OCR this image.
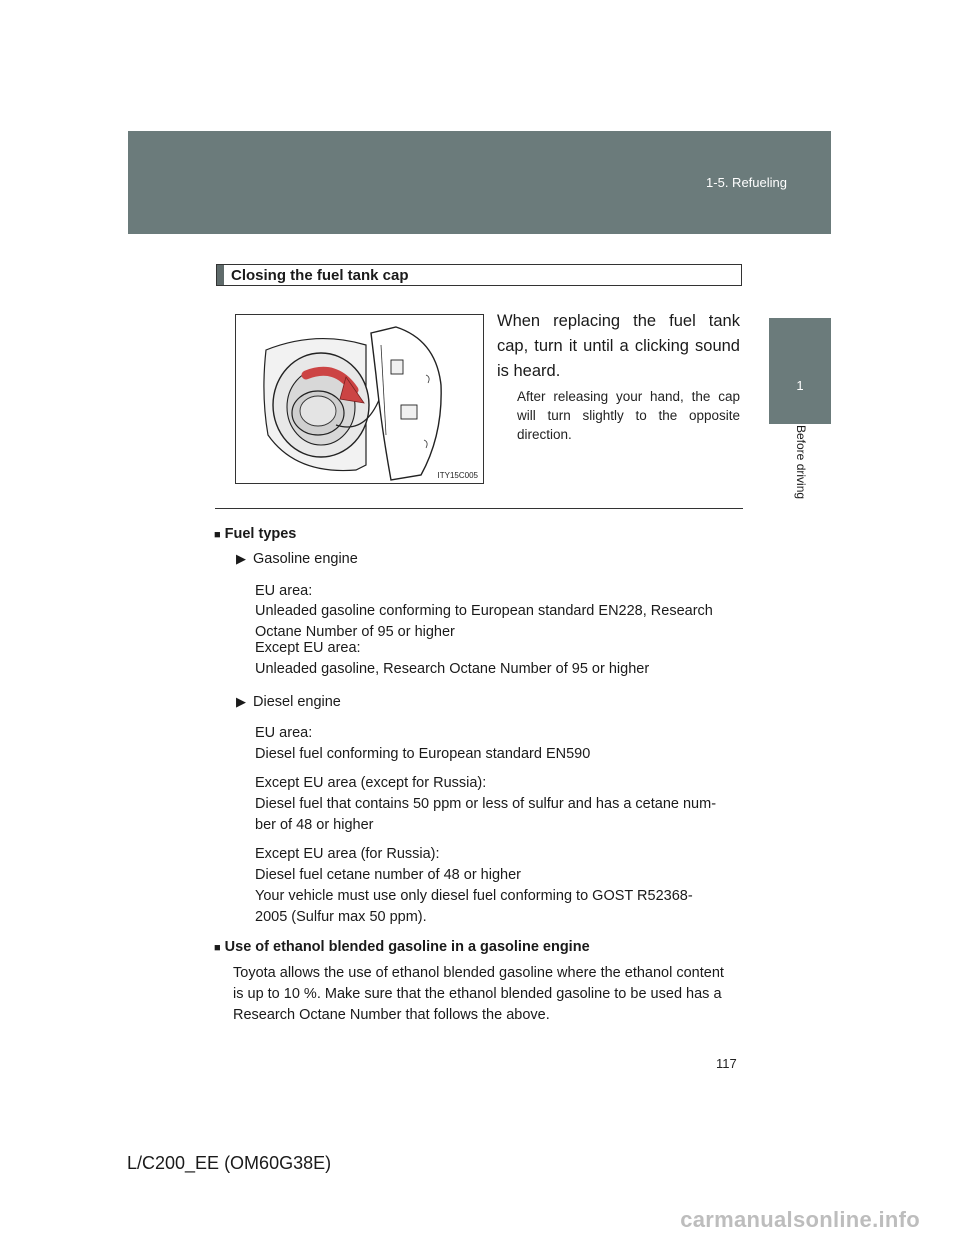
1-5. Refueling
1
Before driving
Closing the fuel tank cap
ITY15C005
When replacing the fuel tank cap, turn it until a clicking sound is heard.
After releasing your hand, the cap will turn slightly to the opposite direction.
■ Fuel types
▶ Gasoline engine
EU area:
Unleaded gasoline conforming to European standard EN228, Research
Octane Number of 95 or higher
Except EU area:
Unleaded gasoline, Research Octane Number of 95 or higher
▶ Diesel engine
EU area:
Diesel fuel conforming to European standard EN590
Except EU area (except for Russia):
Diesel fuel that contains 50 ppm or less of sulfur and has a cetane num-
ber of 48 or higher
Except EU area (for Russia):
Diesel fuel cetane number of 48 or higher
Your vehicle must use only diesel fuel conforming to GOST R52368-
2005 (Sulfur max 50 ppm).
■ Use of ethanol blended gasoline in a gasoline engine
Toyota allows the use of ethanol blended gasoline where the ethanol content
is up to 10 %. Make sure that the ethanol blended gasoline to be used has a
Research Octane Number that follows the above.
117
L/C200_EE (OM60G38E)
carmanualsonline.info
